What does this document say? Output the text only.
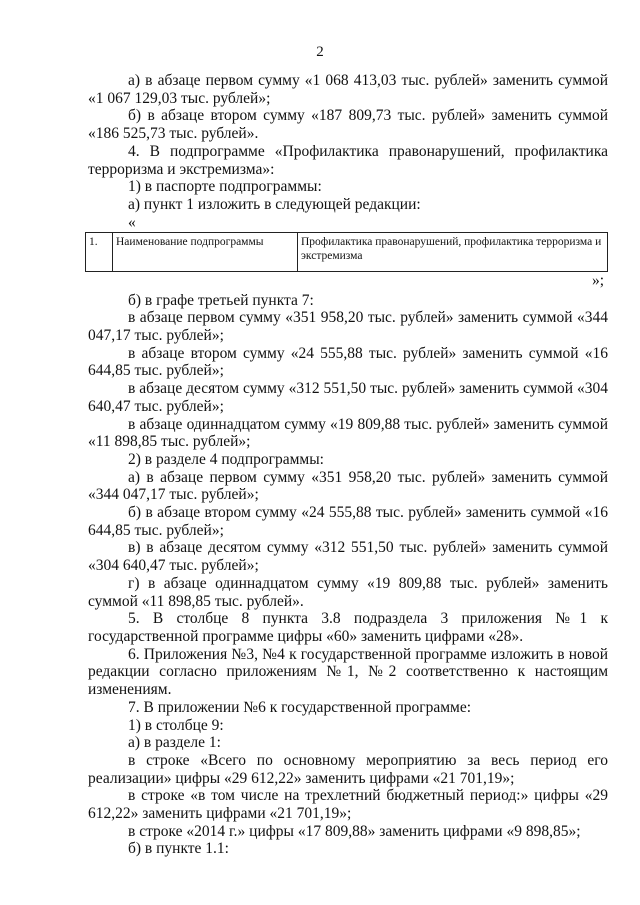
2

а) в абзаце первом сумму «1 068 413,03 тыс. рублей» заменить суммой «1 067 129,03 тыс. рублей»;

б) в абзаце втором сумму «187 809,73 тыс. рублей» заменить суммой «186 525,73 тыс. рублей».

4. В подпрограмме «Профилактика правонарушений, профилактика терроризма и экстремизма»:

1) в паспорте подпрограммы:

а) пункт 1 изложить в следующей редакции:

«

1.	Наименование подпрограммы	Профилактика правонарушений, профилактика терроризма и экстремизма

»;

б) в графе третьей пункта 7:

в абзаце первом сумму «351 958,20 тыс. рублей» заменить суммой «344 047,17 тыс. рублей»;

в абзаце втором сумму «24 555,88 тыс. рублей» заменить суммой «16 644,85 тыс. рублей»;

в абзаце десятом сумму «312 551,50 тыс. рублей» заменить суммой «304 640,47 тыс. рублей»;

в абзаце одиннадцатом сумму «19 809,88 тыс. рублей» заменить суммой «11 898,85 тыс. рублей»;

2) в разделе 4 подпрограммы:

а) в абзаце первом сумму «351 958,20 тыс. рублей» заменить суммой «344 047,17 тыс. рублей»;

б) в абзаце втором сумму «24 555,88 тыс. рублей» заменить суммой «16 644,85 тыс. рублей»;

в) в абзаце десятом сумму «312 551,50 тыс. рублей» заменить суммой «304 640,47 тыс. рублей»;

г) в абзаце одиннадцатом сумму «19 809,88 тыс. рублей» заменить суммой «11 898,85 тыс. рублей».

5. В столбце 8 пункта 3.8 подраздела 3 приложения №1 к государственной программе цифры «60» заменить цифрами «28».

6. Приложения №3, №4 к государственной программе изложить в новой редакции согласно приложениям №1, №2 соответственно к настоящим изменениям.

7. В приложении №6 к государственной программе:

1) в столбце 9:

а) в разделе 1:

в строке «Всего по основному мероприятию за весь период его реализации» цифры «29 612,22» заменить цифрами «21 701,19»;

в строке «в том числе на трехлетний бюджетный период:» цифры «29 612,22» заменить цифрами «21 701,19»;

в строке «2014 г.» цифры «17 809,88» заменить цифрами «9 898,85»;

б) в пункте 1.1:
